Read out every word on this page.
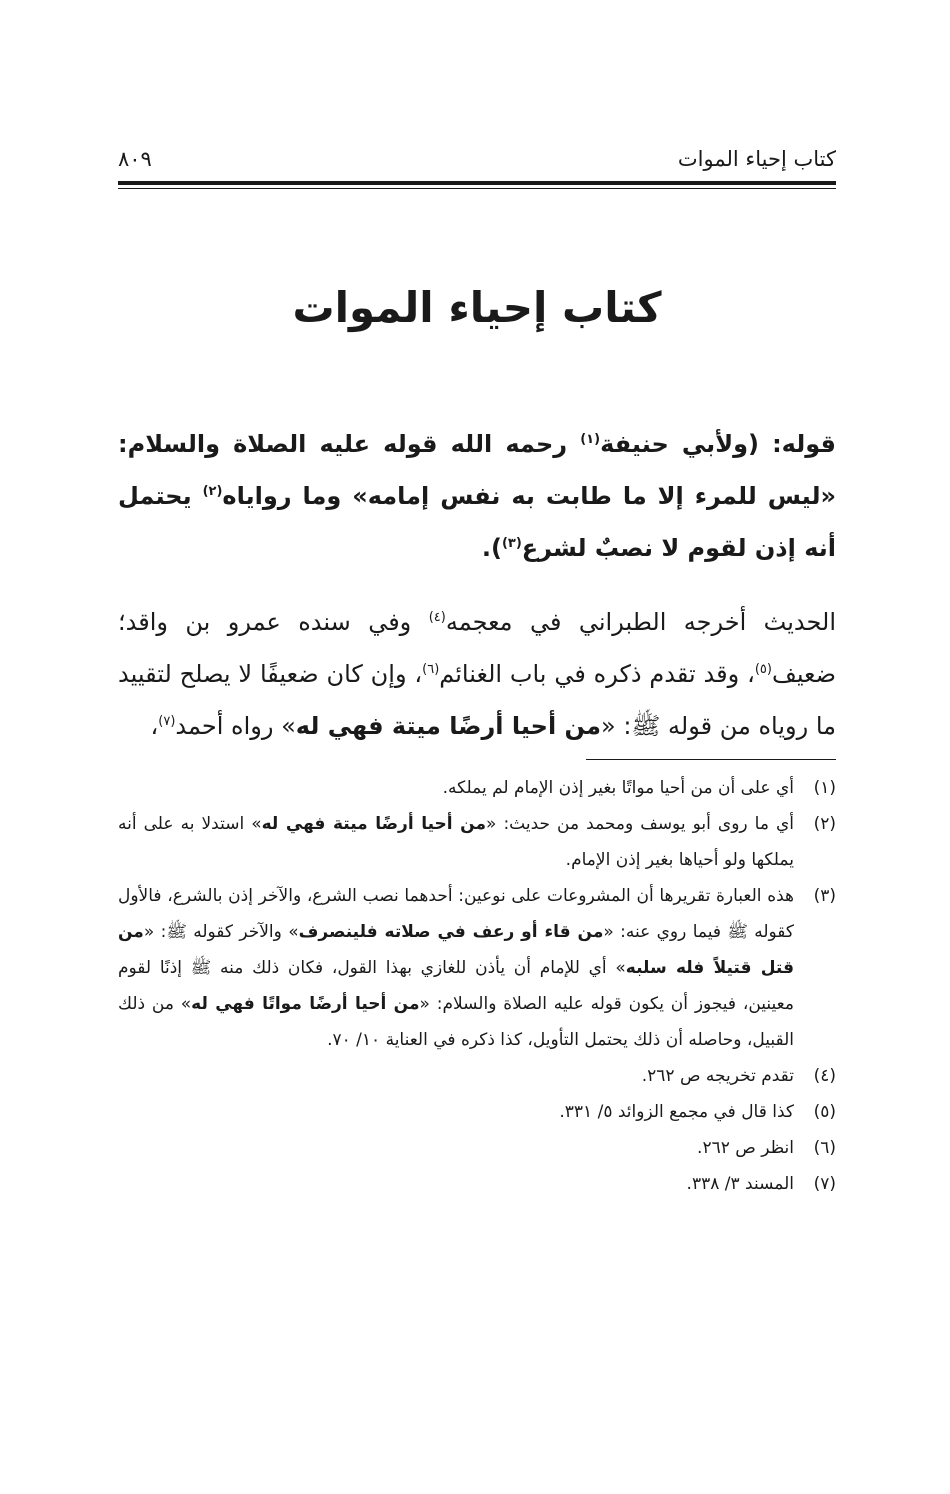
كتاب إحياء الموات
٨٠٩
كتاب إحياء الموات

قوله: (ولأبي حنيفة$^{(١)}$ رحمه الله قوله عليه الصلاة والسلام: «ليس للمرء إلا ما طابت به نفس إمامه» وما رواياه$^{(٢)}$ يحتمل أنه إذن لقوم لا نصبٌ لشرع$^{(٣)}$).

الحديث أخرجه الطبراني في معجمه$^{(٤)}$ وفي سنده عمرو بن واقد؛ ضعيف$^{(٥)}$، وقد تقدم ذكره في باب الغنائم$^{(٦)}$، وإن كان ضعيفًا لا يصلح لتقييد ما روياه من قوله ﷺ: «من أحيا أرضًا ميتة فهي له» رواه أحمد$^{(٧)}$،

(١)
أي على أن من أحيا مواتًا بغير إذن الإمام لم يملكه.
(٢)
أي ما روى أبو يوسف ومحمد من حديث: «من أحيا أرضًا ميتة فهي له» استدلا به على أنه يملكها ولو أحياها بغير إذن الإمام.
(٣)
هذه العبارة تقريرها أن المشروعات على نوعين: أحدهما نصب الشرع، والآخر إذن بالشرع، فالأول كقوله ﷺ فيما روي عنه: «من قاء أو رعف في صلاته فلينصرف» والآخر كقوله ﷺ: «من قتل قتيلاً فله سلبه» أي للإمام أن يأذن للغازي بهذا القول، فكان ذلك منه ﷺ إذنًا لقوم معينين، فيجوز أن يكون قوله عليه الصلاة والسلام: «من أحيا أرضًا مواتًا فهي له» من ذلك القبيل، وحاصله أن ذلك يحتمل التأويل، كذا ذكره في العناية ١٠/ ٧٠.
(٤)
تقدم تخريجه ص ٢٦٢.
(٥)
كذا قال في مجمع الزوائد ٥/ ٣٣١.
(٦)
انظر ص ٢٦٢.
(٧)
المسند ٣/ ٣٣٨.
